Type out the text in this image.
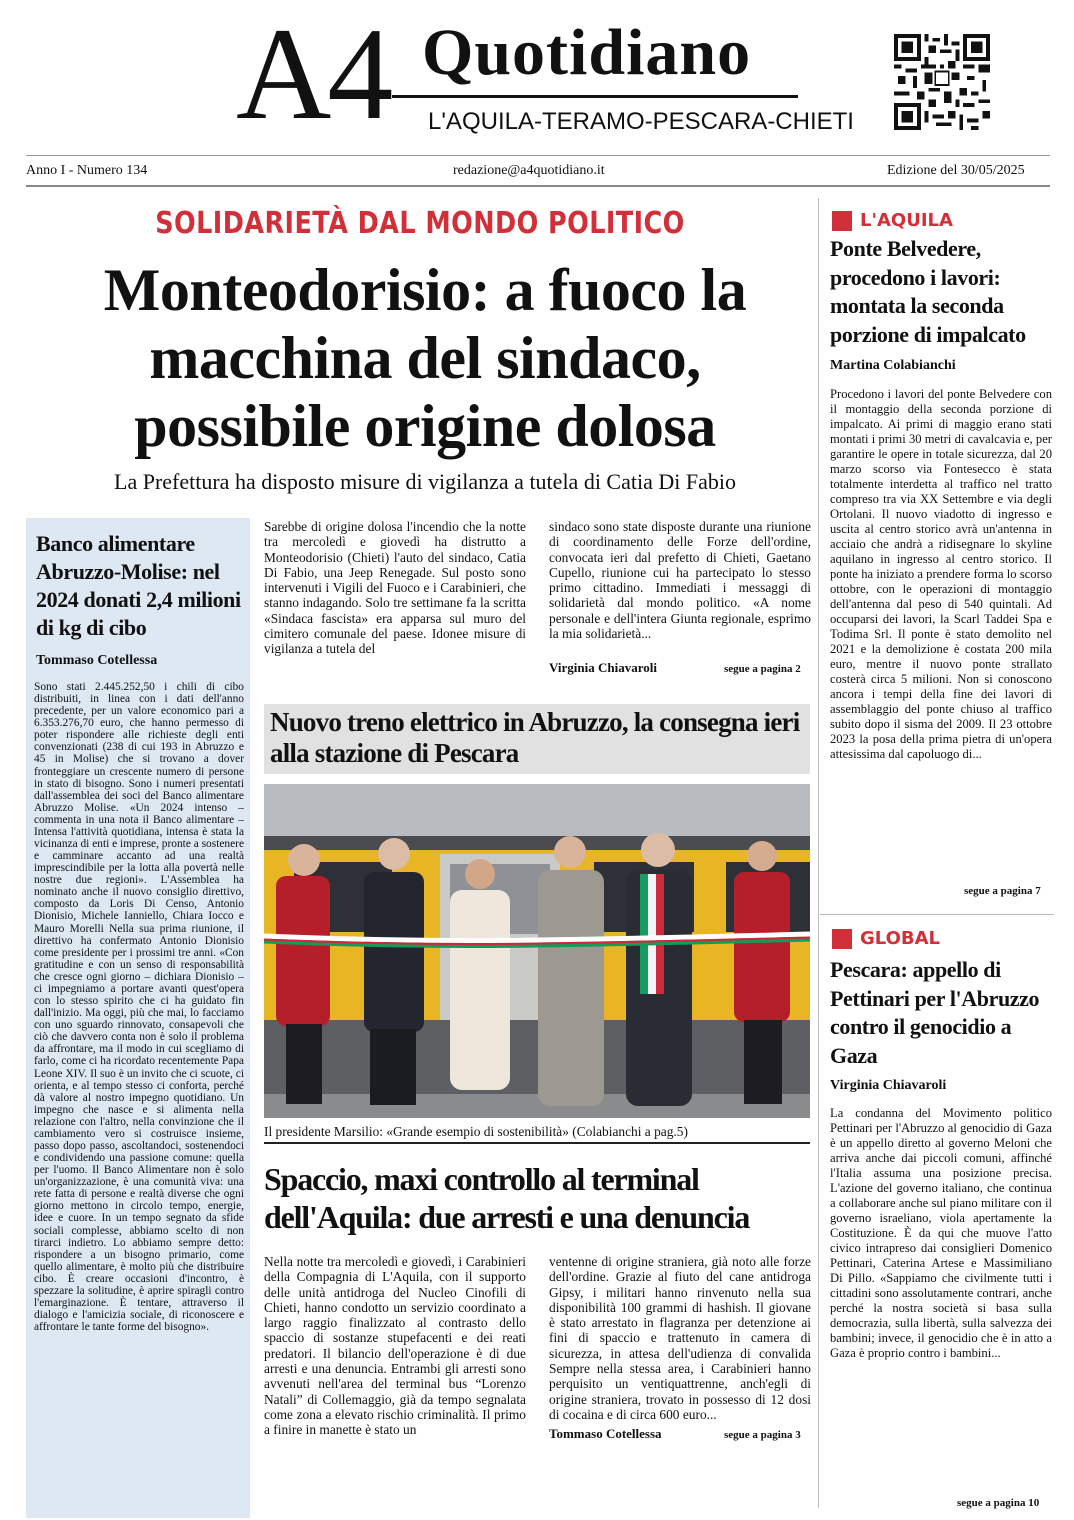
A4 Quotidiano
L'AQUILA-TERAMO-PESCARA-CHIETI
Anno I - Numero 134	redazione@a4quotidiano.it	Edizione del 30/05/2025
SOLIDARIETÀ DAL MONDO POLITICO
Monteodorisio: a fuoco la
macchina del sindaco,
possibile origine dolosa
La Prefettura ha disposto misure di vigilanza a tutela di Catia Di Fabio
Sarebbe di origine dolosa l'incendio che la notte tra mercoledì e giovedì ha distrutto a Monteodorisio (Chieti) l'auto del sindaco, Catia Di Fabio, una Jeep Renegade. Sul posto sono intervenuti i Vigili del Fuoco e i Carabinieri, che stanno indagando. Solo tre settimane fa la scritta «Sindaca fascista» era apparsa sul muro del cimitero comunale del paese. Idonee misure di vigilanza a tutela del
sindaco sono state disposte durante una riunione di coordinamento delle Forze dell'ordine, convocata ieri dal prefetto di Chieti, Gaetano Cupello, riunione cui ha partecipato lo stesso primo cittadino. Immediati i messaggi di solidarietà dal mondo politico. «A nome personale e dell'intera Giunta regionale, esprimo la mia solidarietà...
Virginia Chiavaroli	segue a pagina 2
Banco alimentare Abruzzo-Molise: nel 2024 donati 2,4 milioni di kg di cibo
Tommaso Cotellessa
Sono stati 2.445.252,50 i chili di cibo distribuiti, in linea con i dati dell'anno precedente, per un valore economico pari a 6.353.276,70 euro, che hanno permesso di poter rispondere alle richieste degli enti convenzionati (238 di cui 193 in Abruzzo e 45 in Molise) che si trovano a dover fronteggiare un crescente numero di persone in stato di bisogno. Sono i numeri presentati dall'assemblea dei soci del Banco alimentare Abruzzo Molise. «Un 2024 intenso – commenta in una nota il Banco alimentare – Intensa l'attività quotidiana, intensa è stata la vicinanza di enti e imprese, pronte a sostenere e camminare accanto ad una realtà imprescindibile per la lotta alla povertà nelle nostre due regioni». L'Assemblea ha nominato anche il nuovo consiglio direttivo, composto da Loris Di Censo, Antonio Dionisio, Michele Ianniello, Chiara Iocco e Mauro Morelli Nella sua prima riunione, il direttivo ha confermato Antonio Dionisio come presidente per i prossimi tre anni. «Con gratitudine e con un senso di responsabilità che cresce ogni giorno – dichiara Dionisio – ci impegniamo a portare avanti quest'opera con lo stesso spirito che ci ha guidato fin dall'inizio. Ma oggi, più che mai, lo facciamo con uno sguardo rinnovato, consapevoli che ciò che davvero conta non è solo il problema da affrontare, ma il modo in cui scegliamo di farlo, come ci ha ricordato recentemente Papa Leone XIV. Il suo è un invito che ci scuote, ci orienta, e al tempo stesso ci conforta, perché dà valore al nostro impegno quotidiano. Un impegno che nasce e si alimenta nella relazione con l'altro, nella convinzione che il cambiamento vero si costruisce insieme, passo dopo passo, ascoltandoci, sostenendoci e condividendo una passione comune: quella per l'uomo. Il Banco Alimentare non è solo un'organizzazione, è una comunità viva: una rete fatta di persone e realtà diverse che ogni giorno mettono in circolo tempo, energie, idee e cuore. In un tempo segnato da sfide sociali complesse, abbiamo scelto di non tirarci indietro. Lo abbiamo sempre detto: rispondere a un bisogno primario, come quello alimentare, è molto più che distribuire cibo. È creare occasioni d'incontro, è spezzare la solitudine, è aprire spiragli contro l'emarginazione. È tentare, attraverso il dialogo e l'amicizia sociale, di riconoscere e affrontare le tante forme del bisogno».
Nuovo treno elettrico in Abruzzo, la consegna ieri alla stazione di Pescara
Il presidente Marsilio: «Grande esempio di sostenibilità» (Colabianchi a pag.5)
Spaccio, maxi controllo al terminal dell'Aquila: due arresti e una denuncia
Nella notte tra mercoledì e giovedì, i Carabinieri della Compagnia di L'Aquila, con il supporto delle unità antidroga del Nucleo Cinofili di Chieti, hanno condotto un servizio coordinato a largo raggio finalizzato al contrasto dello spaccio di sostanze stupefacenti e dei reati predatori. Il bilancio dell'operazione è di due arresti e una denuncia. Entrambi gli arresti sono avvenuti nell'area del terminal bus “Lorenzo Natali” di Collemaggio, già da tempo segnalata come zona a elevato rischio criminalità. Il primo a finire in manette è stato un
ventenne di origine straniera, già noto alle forze dell'ordine. Grazie al fiuto del cane antidroga Gipsy, i militari hanno rinvenuto nella sua disponibilità 100 grammi di hashish. Il giovane è stato arrestato in flagranza per detenzione ai fini di spaccio e trattenuto in camera di sicurezza, in attesa dell'udienza di convalida Sempre nella stessa area, i Carabinieri hanno perquisito un ventiquattrenne, anch'egli di origine straniera, trovato in possesso di 12 dosi di cocaina e di circa 600 euro...
Tommaso Cotellessa	segue a pagina 3
L'AQUILA
Ponte Belvedere, procedono i lavori: montata la seconda porzione di impalcato
Martina Colabianchi
Procedono i lavori del ponte Belvedere con il montaggio della seconda porzione di impalcato. Ai primi di maggio erano stati montati i primi 30 metri di cavalcavia e, per garantire le opere in totale sicurezza, dal 20 marzo scorso via Fontesecco è stata totalmente interdetta al traffico nel tratto compreso tra via XX Settembre e via degli Ortolani. Il nuovo viadotto di ingresso e uscita al centro storico avrà un'antenna in acciaio che andrà a ridisegnare lo skyline aquilano in ingresso al centro storico. Il ponte ha iniziato a prendere forma lo scorso ottobre, con le operazioni di montaggio dell'antenna dal peso di 540 quintali. Ad occuparsi dei lavori, la Scarl Taddei Spa e Todima Srl. Il ponte è stato demolito nel 2021 e la demolizione è costata 200 mila euro, mentre il nuovo ponte strallato costerà circa 5 milioni. Non si conoscono ancora i tempi della fine dei lavori di assemblaggio del ponte chiuso al traffico subito dopo il sisma del 2009. Il 23 ottobre 2023 la posa della prima pietra di un'opera attesissima dal capoluogo di...
segue a pagina 7
GLOBAL
Pescara: appello di Pettinari per l'Abruzzo contro il genocidio a Gaza
Virginia Chiavaroli
La condanna del Movimento politico Pettinari per l'Abruzzo al genocidio di Gaza è un appello diretto al governo Meloni che arriva anche dai piccoli comuni, affinché l'Italia assuma una posizione precisa. L'azione del governo italiano, che continua a collaborare anche sul piano militare con il governo israeliano, viola apertamente la Costituzione. È da qui che muove l'atto civico intrapreso dai consiglieri Domenico Pettinari, Caterina Artese e Massimiliano Di Pillo. «Sappiamo che civilmente tutti i cittadini sono assolutamente contrari, anche perché la nostra società si basa sulla democrazia, sulla libertà, sulla salvezza dei bambini; invece, il genocidio che è in atto a Gaza è proprio contro i bambini...
segue a pagina 10
